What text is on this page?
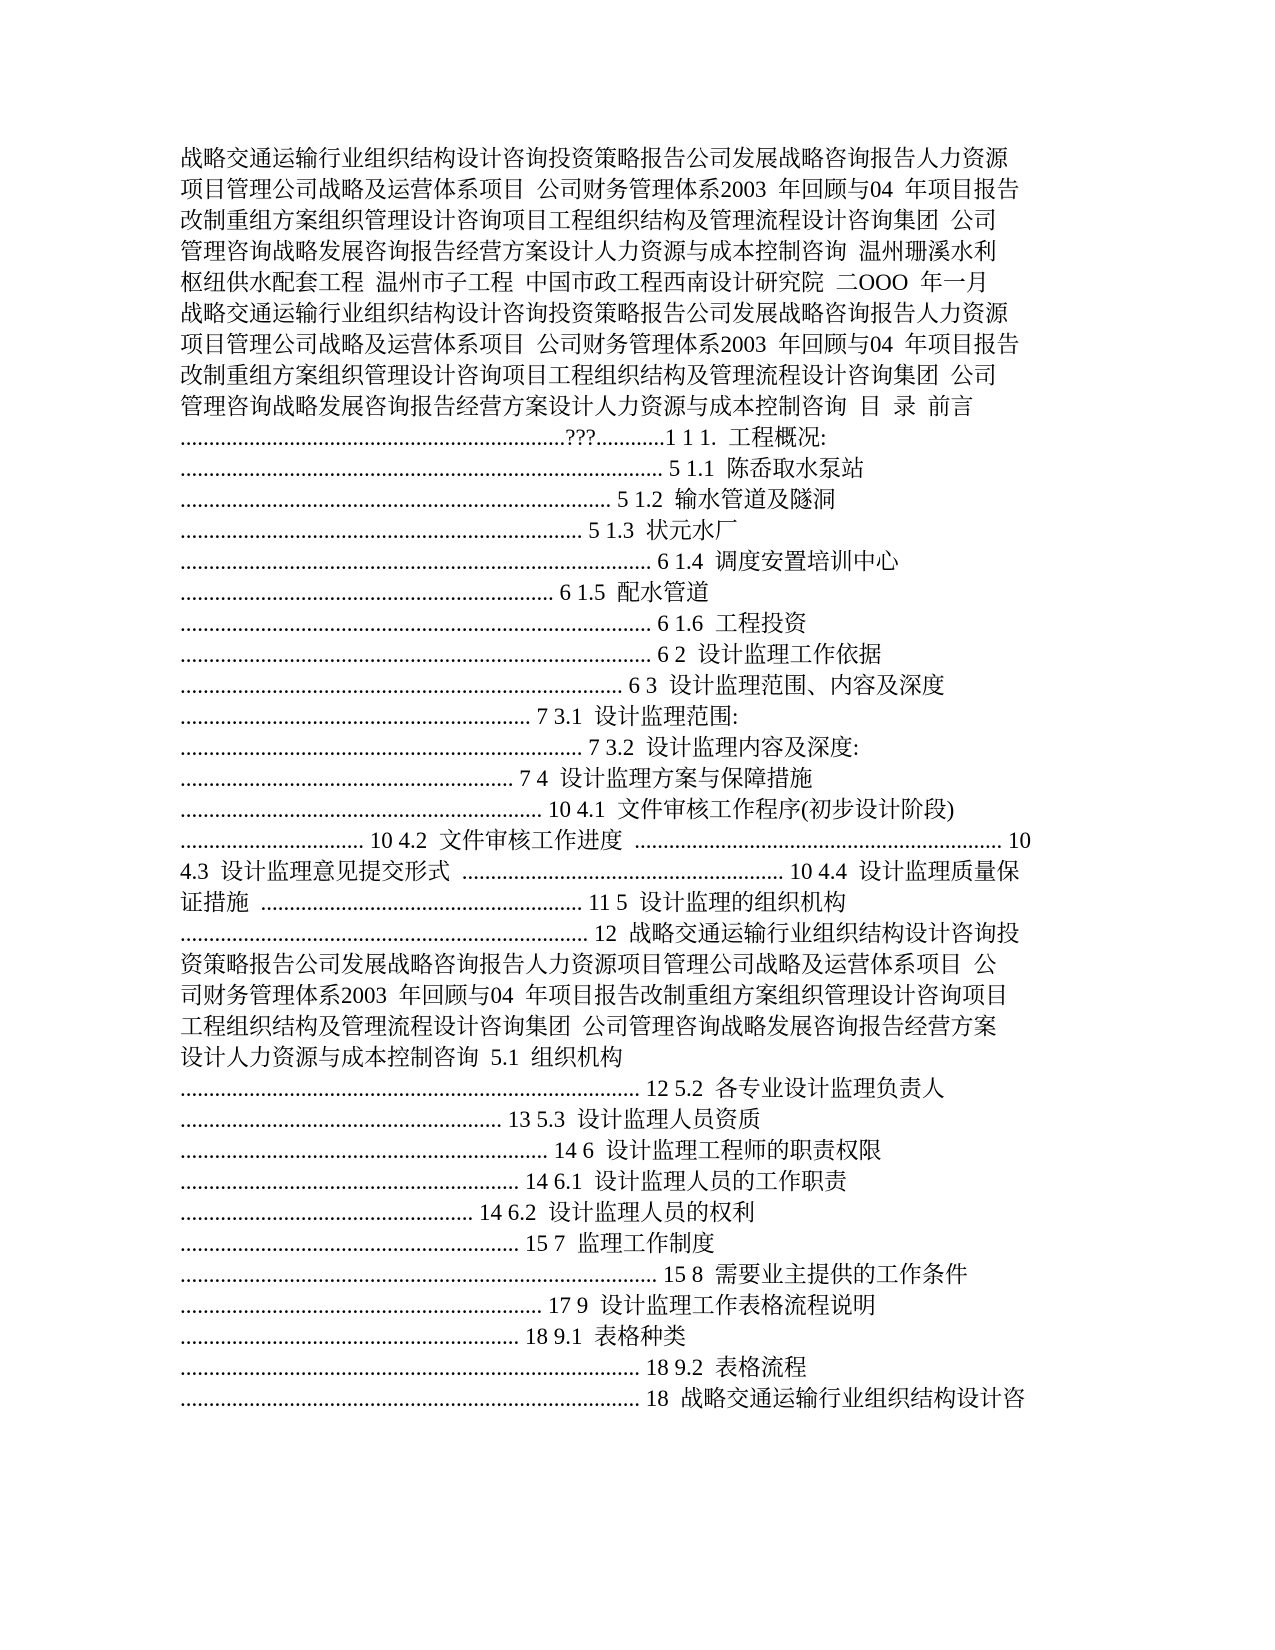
战略交通运输行业组织结构设计咨询投资策略报告公司发展战略咨询报告人力资源
项目管理公司战略及运营体系项目  公司财务管理体系2003  年回顾与04  年项目报告
改制重组方案组织管理设计咨询项目工程组织结构及管理流程设计咨询集团  公司
管理咨询战略发展咨询报告经营方案设计人力资源与成本控制咨询  温州珊溪水利
枢纽供水配套工程  温州市子工程  中国市政工程西南设计研究院  二OOO  年一月
战略交通运输行业组织结构设计咨询投资策略报告公司发展战略咨询报告人力资源
项目管理公司战略及运营体系项目  公司财务管理体系2003  年回顾与04  年项目报告
改制重组方案组织管理设计咨询项目工程组织结构及管理流程设计咨询集团  公司
管理咨询战略发展咨询报告经营方案设计人力资源与成本控制咨询  目  录  前言
...................................................................???............1 1 1.  工程概况:
.................................................................................... 5 1.1  陈岙取水泵站
........................................................................... 5 1.2  输水管道及隧洞
...................................................................... 5 1.3  状元水厂
.................................................................................. 6 1.4  调度安置培训中心
................................................................. 6 1.5  配水管道
.................................................................................. 6 1.6  工程投资
.................................................................................. 6 2  设计监理工作依据
............................................................................. 6 3  设计监理范围、内容及深度
............................................................. 7 3.1  设计监理范围:
...................................................................... 7 3.2  设计监理内容及深度:
.......................................................... 7 4  设计监理方案与保障措施
............................................................... 10 4.1  文件审核工作程序(初步设计阶段)
................................ 10 4.2  文件审核工作进度  ................................................................ 10
4.3  设计监理意见提交形式  ........................................................ 10 4.4  设计监理质量保
证措施  ........................................................ 11 5  设计监理的组织机构
....................................................................... 12  战略交通运输行业组织结构设计咨询投
资策略报告公司发展战略咨询报告人力资源项目管理公司战略及运营体系项目  公
司财务管理体系2003  年回顾与04  年项目报告改制重组方案组织管理设计咨询项目
工程组织结构及管理流程设计咨询集团  公司管理咨询战略发展咨询报告经营方案
设计人力资源与成本控制咨询  5.1  组织机构
................................................................................ 12 5.2  各专业设计监理负责人
........................................................ 13 5.3  设计监理人员资质
................................................................ 14 6  设计监理工程师的职责权限
........................................................... 14 6.1  设计监理人员的工作职责
................................................... 14 6.2  设计监理人员的权利
........................................................... 15 7  监理工作制度
................................................................................... 15 8  需要业主提供的工作条件
............................................................... 17 9  设计监理工作表格流程说明
........................................................... 18 9.1  表格种类
................................................................................ 18 9.2  表格流程
................................................................................ 18  战略交通运输行业组织结构设计咨
